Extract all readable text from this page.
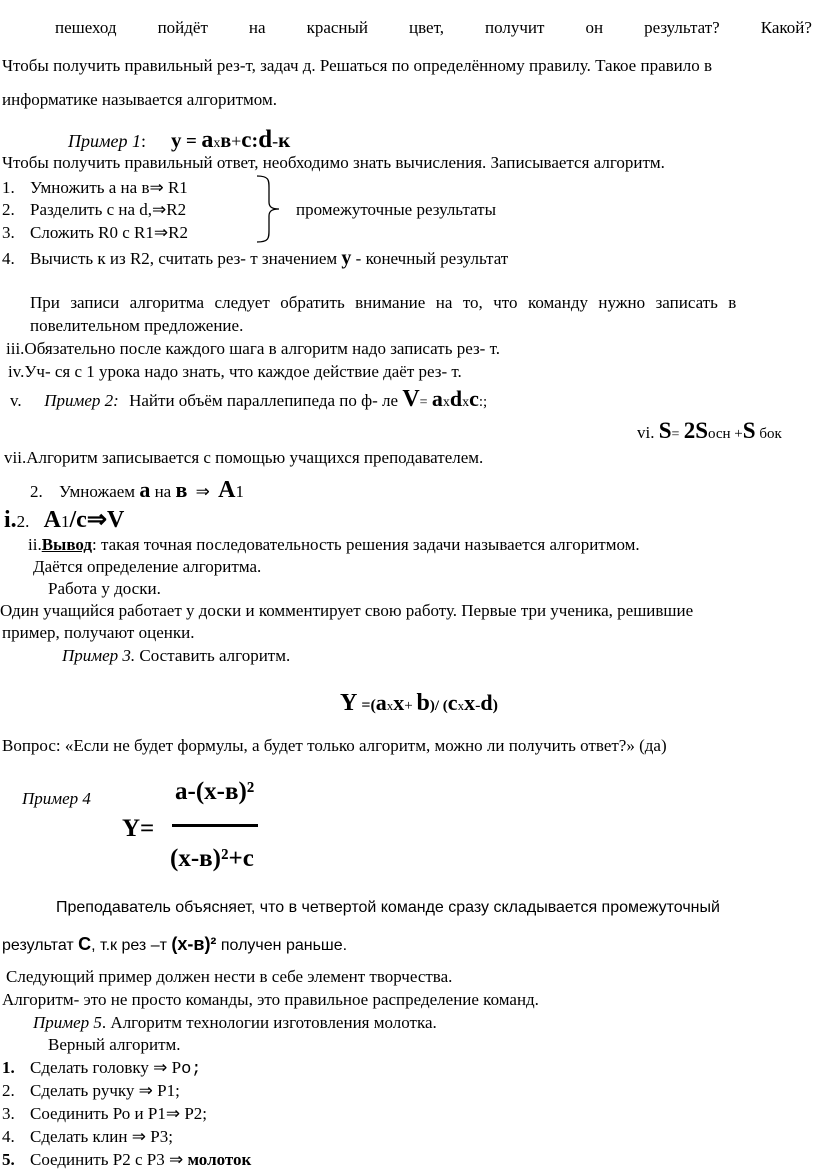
пешеход пойдёт на красный цвет, получит он результат? Какой?
Чтобы получить правильный рез-т, задач д. Решаться по определённому правилу. Такое правило в
информатике называется алгоритмом.
Пример 1: y = axв+с:d-к
Чтобы получить правильный ответ, необходимо знать вычисления. Записывается алгоритм.
1. Умножить а на в⇒ R1
2. Разделить с на d,⇒R2
3. Сложить R0 с R1⇒R2
промежуточные результаты
4. Вычисть к из R2, считать рез- т значением у - конечный результат
При записи алгоритма следует обратить внимание на то, что команду нужно записать в
повелительном предложение.
iii.Обязательно после каждого шага в алгоритм надо записать рез- т.
iv.Уч- ся с 1 урока надо знать, что каждое действие даёт рез- т.
v. Пример 2: Найти объём параллепипеда по ф- ле V= axdxc:;
vi. S= 2Sосн +S бок
vii.Алгоритм записывается с помощью учащихся преподавателем.
2. Умножаем а на в ⇒ А1
i.2. А1/с⇒V
ii.Вывод: такая точная последовательность решения задачи называется алгоритмом.
Даётся определение алгоритма.
Работа у доски.
Один учащийся работает у доски и комментирует свою работу. Первые три ученика, решившие
пример, получают оценки.
Пример 3. Составить алгоритм.
Y =(axx+ b)/ (cxx-d)
Вопрос: «Если не будет формулы, а будет только алгоритм, можно ли получить ответ?» (да)
Пример 4	а-(х-в)²
Y=
(х-в)²+с
Преподаватель объясняет, что в четвертой команде сразу складывается промежуточный
результат С, т.к рез –т (х-в)² получен раньше.
Следующий пример должен нести в себе элемент творчества.
Алгоритм- это не просто команды, это правильное распределение команд.
Пример 5. Алгоритм технологии изготовления молотка.
Верный алгоритм.
1. Сделать головку ⇒ Рo;
2. Сделать ручку ⇒ Р1;
3. Соединить Ро и Р1⇒ Р2;
4. Сделать клин ⇒ Р3;
5. Соединить Р2 с Р3 ⇒ молоток
